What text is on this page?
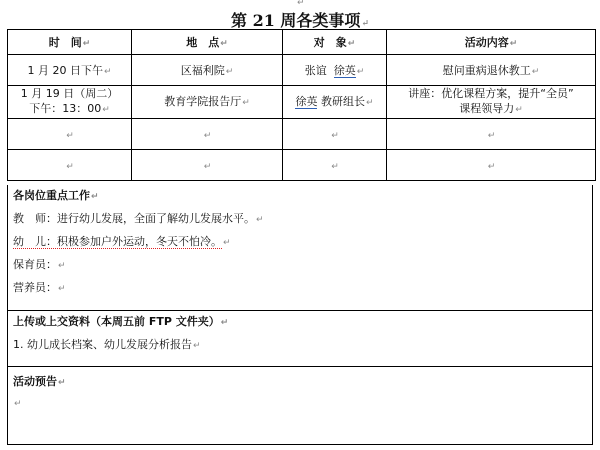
↵
第 21 周各类事项↵
时　间↵	地　点↵	对　象↵	活动内容↵
1 月 20 日下午↵	区福利院↵	张谊 徐英↵	慰问重病退休教工↵
1 月 19 日（周二）
下午：13：00↵	教育学院报告厅↵	徐英 教研组长↵	讲座：优化课程方案，提升“全员”
课程领导力↵
↵	↵	↵	↵
↵	↵	↵	↵
各岗位重点工作↵
教　师：进行幼儿发展，全面了解幼儿发展水平。↵
幼　儿：积极参加户外运动，冬天不怕冷。↵
保育员：↵
营养员：↵
上传或上交资料（本周五前 FTP 文件夹）↵
1. 幼儿成长档案、幼儿发展分析报告↵
活动预告↵
↵
